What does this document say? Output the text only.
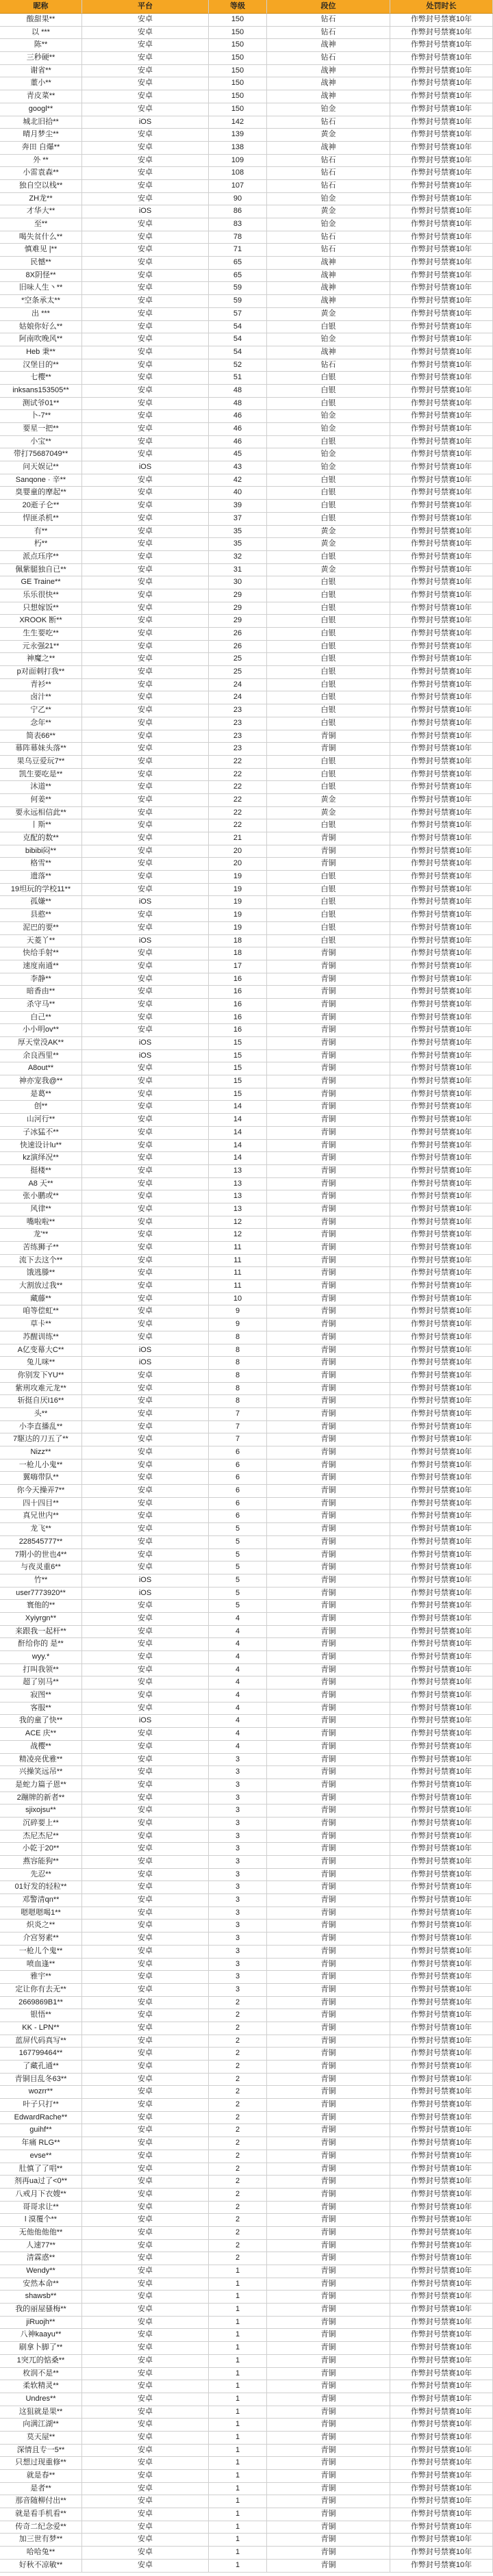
昵称	平台	等级	段位	处罚时长
酸甜果**	安卓	150	钻石	作弊封号禁赛10年
以 ***	安卓	150	钻石	作弊封号禁赛10年
陈**	安卓	150	战神	作弊封号禁赛10年
三秒硬**	安卓	150	钻石	作弊封号禁赛10年
谢省**	安卓	150	战神	作弊封号禁赛10年
董小**	安卓	150	战神	作弊封号禁赛10年
青皮菜**	安卓	150	战神	作弊封号禁赛10年
googl**	安卓	150	铂金	作弊封号禁赛10年
城北旧拾**	iOS	142	钻石	作弊封号禁赛10年
晴月梦尘**	安卓	139	黄金	作弊封号禁赛10年
奔田 自爆**	安卓	138	战神	作弊封号禁赛10年
外 **	安卓	109	钻石	作弊封号禁赛10年
小雷袁森**	安卓	108	钻石	作弊封号禁赛10年
独自空以栈**	安卓	107	钻石	作弊封号禁赛10年
ZH龙**	安卓	90	铂金	作弊封号禁赛10年
才华大**	iOS	86	黄金	作弊封号禁赛10年
至**	安卓	83	铂金	作弊封号禁赛10年
喝失贫什么**	安卓	78	钻石	作弊封号禁赛10年
慎难见 |**	安卓	71	钻石	作弊封号禁赛10年
民憾**	安卓	65	战神	作弊封号禁赛10年
8X阴怪**	安卓	65	战神	作弊封号禁赛10年
旧味人生丶**	安卓	59	战神	作弊封号禁赛10年
*空条承太**	安卓	59	战神	作弊封号禁赛10年
出 ***	安卓	57	黄金	作弊封号禁赛10年
姑娘你好么**	安卓	54	白银	作弊封号禁赛10年
阿南吹晚风**	安卓	54	铂金	作弊封号禁赛10年
Heb 秉**	安卓	54	战神	作弊封号禁赛10年
汉堡目的**	安卓	52	钻石	作弊封号禁赛10年
七樱**	安卓	51	白银	作弊封号禁赛10年
inksans153505**	安卓	48	白银	作弊封号禁赛10年
测试爷01**	安卓	48	白银	作弊封号禁赛10年
卜-7**	安卓	46	铂金	作弊封号禁赛10年
要星一把**	安卓	46	铂金	作弊封号禁赛10年
小宝**	安卓	46	白银	作弊封号禁赛10年
带打75687049**	安卓	45	铂金	作弊封号禁赛10年
问天娱记**	iOS	43	铂金	作弊封号禁赛10年
Sanqone · 辛**	安卓	42	白银	作弊封号禁赛10年
臭婴童的摩起**	安卓	40	白银	作弊封号禁赛10年
20逝子仑**	安卓	39	白银	作弊封号禁赛10年
悍匪杀机**	安卓	37	白银	作弊封号禁赛10年
有**	安卓	35	黄金	作弊封号禁赛10年
朽**	安卓	35	黄金	作弊封号禁赛10年
派点珏序**	安卓	32	白银	作弊封号禁赛10年
佩紫腿独自已**	安卓	31	黄金	作弊封号禁赛10年
GE Traine**	安卓	30	白银	作弊封号禁赛10年
乐乐很快**	安卓	29	白银	作弊封号禁赛10年
只想嫁饭**	安卓	29	白银	作弊封号禁赛10年
XROOK 断**	安卓	29	白银	作弊封号禁赛10年
生生要吃**	安卓	26	白银	作弊封号禁赛10年
元永强21**	安卓	26	白银	作弊封号禁赛10年
神魔之**	安卓	25	白银	作弊封号禁赛10年
p对面刺打我**	安卓	25	白银	作弊封号禁赛10年
青衫**	安卓	24	白银	作弊封号禁赛10年
卤汁**	安卓	24	白银	作弊封号禁赛10年
宁乙**	安卓	23	白银	作弊封号禁赛10年
念年**	安卓	23	白银	作弊封号禁赛10年
简表66**	安卓	23	青铜	作弊封号禁赛10年
幕阵幕妹头落**	安卓	23	青铜	作弊封号禁赛10年
果乌豆爱玩7**	安卓	22	白银	作弊封号禁赛10年
凯生要吃是**	安卓	22	白银	作弊封号禁赛10年
沐道**	安卓	22	白银	作弊封号禁赛10年
何姜**	安卓	22	黄金	作弊封号禁赛10年
要永远相信此**	安卓	22	黄金	作弊封号禁赛10年
丨斯**	安卓	22	白银	作弊封号禁赛10年
克配的数**	安卓	21	青铜	作弊封号禁赛10年
bibibi闷**	安卓	20	青铜	作弊封号禁赛10年
格雪**	安卓	20	青铜	作弊封号禁赛10年
遗落**	安卓	19	白银	作弊封号禁赛10年
19坦玩的学校11**	安卓	19	白银	作弊封号禁赛10年
孤嫌**	iOS	19	白银	作弊封号禁赛10年
县憨**	安卓	19	白银	作弊封号禁赛10年
泥巴的要**	安卓	19	白银	作弊封号禁赛10年
天菱丫**	iOS	18	白银	作弊封号禁赛10年
快给手射**	安卓	18	青铜	作弊封号禁赛10年
速度南通**	安卓	17	青铜	作弊封号禁赛10年
李静**	安卓	16	青铜	作弊封号禁赛10年
暗香由**	安卓	16	青铜	作弊封号禁赛10年
杀守马**	安卓	16	青铜	作弊封号禁赛10年
白己**	安卓	16	青铜	作弊封号禁赛10年
小小明ov**	安卓	16	青铜	作弊封号禁赛10年
厚天堂没AK**	iOS	15	青铜	作弊封号禁赛10年
余良西里**	iOS	15	青铜	作弊封号禁赛10年
A8out**	安卓	15	青铜	作弊封号禁赛10年
神亦宠我@**	安卓	15	青铜	作弊封号禁赛10年
是葛**	安卓	15	青铜	作弊封号禁赛10年
创**	安卓	14	青铜	作弊封号禁赛10年
山河行**	安卓	14	青铜	作弊封号禁赛10年
子冰猛不**	安卓	14	青铜	作弊封号禁赛10年
快速设计lu**	安卓	14	青铜	作弊封号禁赛10年
kz演绎况**	安卓	14	青铜	作弊封号禁赛10年
挺楼**	安卓	13	青铜	作弊封号禁赛10年
A8 天**	安卓	13	青铜	作弊封号禁赛10年
张小鹏或**	安卓	13	青铜	作弊封号禁赛10年
风律**	安卓	13	青铜	作弊封号禁赛10年
嘴啦啦**	安卓	12	青铜	作弊封号禁赛10年
龙'**	安卓	12	青铜	作弊封号禁赛10年
苦练狮子**	安卓	11	青铜	作弊封号禁赛10年
流下去这个**	安卓	11	青铜	作弊封号禁赛10年
饿逃滕**	安卓	11	青铜	作弊封号禁赛10年
大割放过我**	安卓	11	青铜	作弊封号禁赛10年
藏藤**	安卓	10	青铜	作弊封号禁赛10年
咱等偿虹**	安卓	9	青铜	作弊封号禁赛10年
草卡**	安卓	9	青铜	作弊封号禁赛10年
苏醒训练**	安卓	8	青铜	作弊封号禁赛10年
A亿变幕大C**	iOS	8	青铜	作弊封号禁赛10年
兔儿咪**	iOS	8	青铜	作弊封号禁赛10年
你别发下YU**	安卓	8	青铜	作弊封号禁赛10年
紫刑攻难元龙**	安卓	8	青铜	作弊封号禁赛10年
斩挺自厌I16**	安卓	8	青铜	作弊封号禁赛10年
头**	安卓	7	青铜	作弊封号禁赛10年
小李直播乱**	安卓	7	青铜	作弊封号禁赛10年
7駆达的刀五了**	安卓	7	青铜	作弊封号禁赛10年
Nizz**	安卓	6	青铜	作弊封号禁赛10年
一枪儿小鬼**	安卓	6	青铜	作弊封号禁赛10年
翼嗨带队**	安卓	6	青铜	作弊封号禁赛10年
你今天操弄7**	安卓	6	青铜	作弊封号禁赛10年
四十四目**	安卓	6	青铜	作弊封号禁赛10年
真兄世内**	安卓	6	青铜	作弊封号禁赛10年
龙飞**	安卓	5	青铜	作弊封号禁赛10年
228545777**	安卓	5	青铜	作弊封号禁赛10年
7期小的世也4**	安卓	5	青铜	作弊封号禁赛10年
与夜灵重6**	安卓	5	青铜	作弊封号禁赛10年
竹**	iOS	5	青铜	作弊封号禁赛10年
user7773920**	iOS	5	青铜	作弊封号禁赛10年
寰他的**	安卓	5	青铜	作弊封号禁赛10年
Xyiyrgn**	安卓	4	青铜	作弊封号禁赛10年
来跟我一起杆**	安卓	4	青铜	作弊封号禁赛10年
酐给你的 是**	安卓	4	青铜	作弊封号禁赛10年
wyy.*	安卓	4	青铜	作弊封号禁赛10年
打叫我领**	安卓	4	青铜	作弊封号禁赛10年
超了别马**	安卓	4	青铜	作弊封号禁赛10年
寂图**	安卓	4	青铜	作弊封号禁赛10年
客服**	安卓	4	青铜	作弊封号禁赛10年
我的童了快**	iOS	4	青铜	作弊封号禁赛10年
ACE 庆**	安卓	4	青铜	作弊封号禁赛10年
战樱**	安卓	4	青铜	作弊封号禁赛10年
精凌亮优雅**	安卓	3	青铜	作弊封号禁赛10年
兴操笑远吊**	安卓	3	青铜	作弊封号禁赛10年
是蛇力篇子恩**	安卓	3	青铜	作弊封号禁赛10年
2蹦牌的新者**	安卓	3	青铜	作弊封号禁赛10年
sjixojsu**	安卓	3	青铜	作弊封号禁赛10年
沉碎要上**	安卓	3	青铜	作弊封号禁赛10年
杰尼杰尼**	安卓	3	青铜	作弊封号禁赛10年
小乾于20**	安卓	3	青铜	作弊封号禁赛10年
燕容能狗**	安卓	3	青铜	作弊封号禁赛10年
先忍**	安卓	3	青铜	作弊封号禁赛10年
01好发的轻粒**	安卓	3	青铜	作弊封号禁赛10年
邓警清qn**	安卓	3	青铜	作弊封号禁赛10年
嗯嗯嗯喝1**	安卓	3	青铜	作弊封号禁赛10年
炽炎之**	安卓	3	青铜	作弊封号禁赛10年
介宫努素**	安卓	3	青铜	作弊封号禁赛10年
一枪儿个鬼**	安卓	3	青铜	作弊封号禁赛10年
喷血逢**	安卓	3	青铜	作弊封号禁赛10年
雅宇**	安卓	3	青铜	作弊封号禁赛10年
定让你有去无**	安卓	3	青铜	作弊封号禁赛10年
2669869B1**	安卓	2	青铜	作弊封号禁赛10年
银悟**	安卓	2	青铜	作弊封号禁赛10年
KK - LPN**	安卓	2	青铜	作弊封号禁赛10年
蓝屏代码真写**	安卓	2	青铜	作弊封号禁赛10年
167799464**	安卓	2	青铜	作弊封号禁赛10年
了藏孔通**	安卓	2	青铜	作弊封号禁赛10年
青铜目乱冬63**	安卓	2	青铜	作弊封号禁赛10年
wozrr**	安卓	2	青铜	作弊封号禁赛10年
叶子只打**	安卓	2	青铜	作弊封号禁赛10年
EdwardRache**	安卓	2	青铜	作弊封号禁赛10年
guihf**	安卓	2	青铜	作弊封号禁赛10年
年痛 RLG**	安卓	2	青铜	作弊封号禁赛10年
evse**	安卓	2	青铜	作弊封号禁赛10年
肚慎了了唱**	安卓	2	青铜	作弊封号禁赛10年
剂再ua过了<0**	安卓	2	青铜	作弊封号禁赛10年
八戒月下衣嫂**	安卓	2	青铜	作弊封号禁赛10年
哥哥求让**	安卓	2	青铜	作弊封号禁赛10年
l 漠覆个**	安卓	2	青铜	作弊封号禁赛10年
无他他他他**	安卓	2	青铜	作弊封号禁赛10年
人速77**	安卓	2	青铜	作弊封号禁赛10年
清霖惑**	安卓	2	青铜	作弊封号禁赛10年
Wendy**	安卓	1	青铜	作弊封号禁赛10年
安然本命**	安卓	1	青铜	作弊封号禁赛10年
shawsb**	安卓	1	青铜	作弊封号禁赛10年
我的丽屋骚梅**	安卓	1	青铜	作弊封号禁赛10年
jiRuojh**	安卓	1	青铜	作弊封号禁赛10年
八神kaayu**	安卓	1	青铜	作弊封号禁赛10年
刷拿卜脚了**	安卓	1	青铜	作弊封号禁赛10年
1突兀的惦桑**	安卓	1	青铜	作弊封号禁赛10年
枚润不是**	安卓	1	青铜	作弊封号禁赛10年
柔软精灵**	安卓	1	青铜	作弊封号禁赛10年
Undres**	安卓	1	青铜	作弊封号禁赛10年
这狙就是果**	安卓	1	青铜	作弊封号禁赛10年
向满江湖**	安卓	1	青铜	作弊封号禁赛10年
莫天屋**	安卓	1	青铜	作弊封号禁赛10年
深情且专一5**	安卓	1	青铜	作弊封号禁赛10年
只想过现重修**	安卓	1	青铜	作弊封号禁赛10年
就是春**	安卓	1	青铜	作弊封号禁赛10年
是者**	安卓	1	青铜	作弊封号禁赛10年
那音随柳付出**	安卓	1	青铜	作弊封号禁赛10年
就是看手机看**	安卓	1	青铜	作弊封号禁赛10年
传奇二纪念爱**	安卓	1	青铜	作弊封号禁赛10年
加三世有梦**	安卓	1	青铜	作弊封号禁赛10年
哈哈兔**	安卓	1	青铜	作弊封号禁赛10年
好秋不凉敏**	安卓	1	青铜	作弊封号禁赛10年
